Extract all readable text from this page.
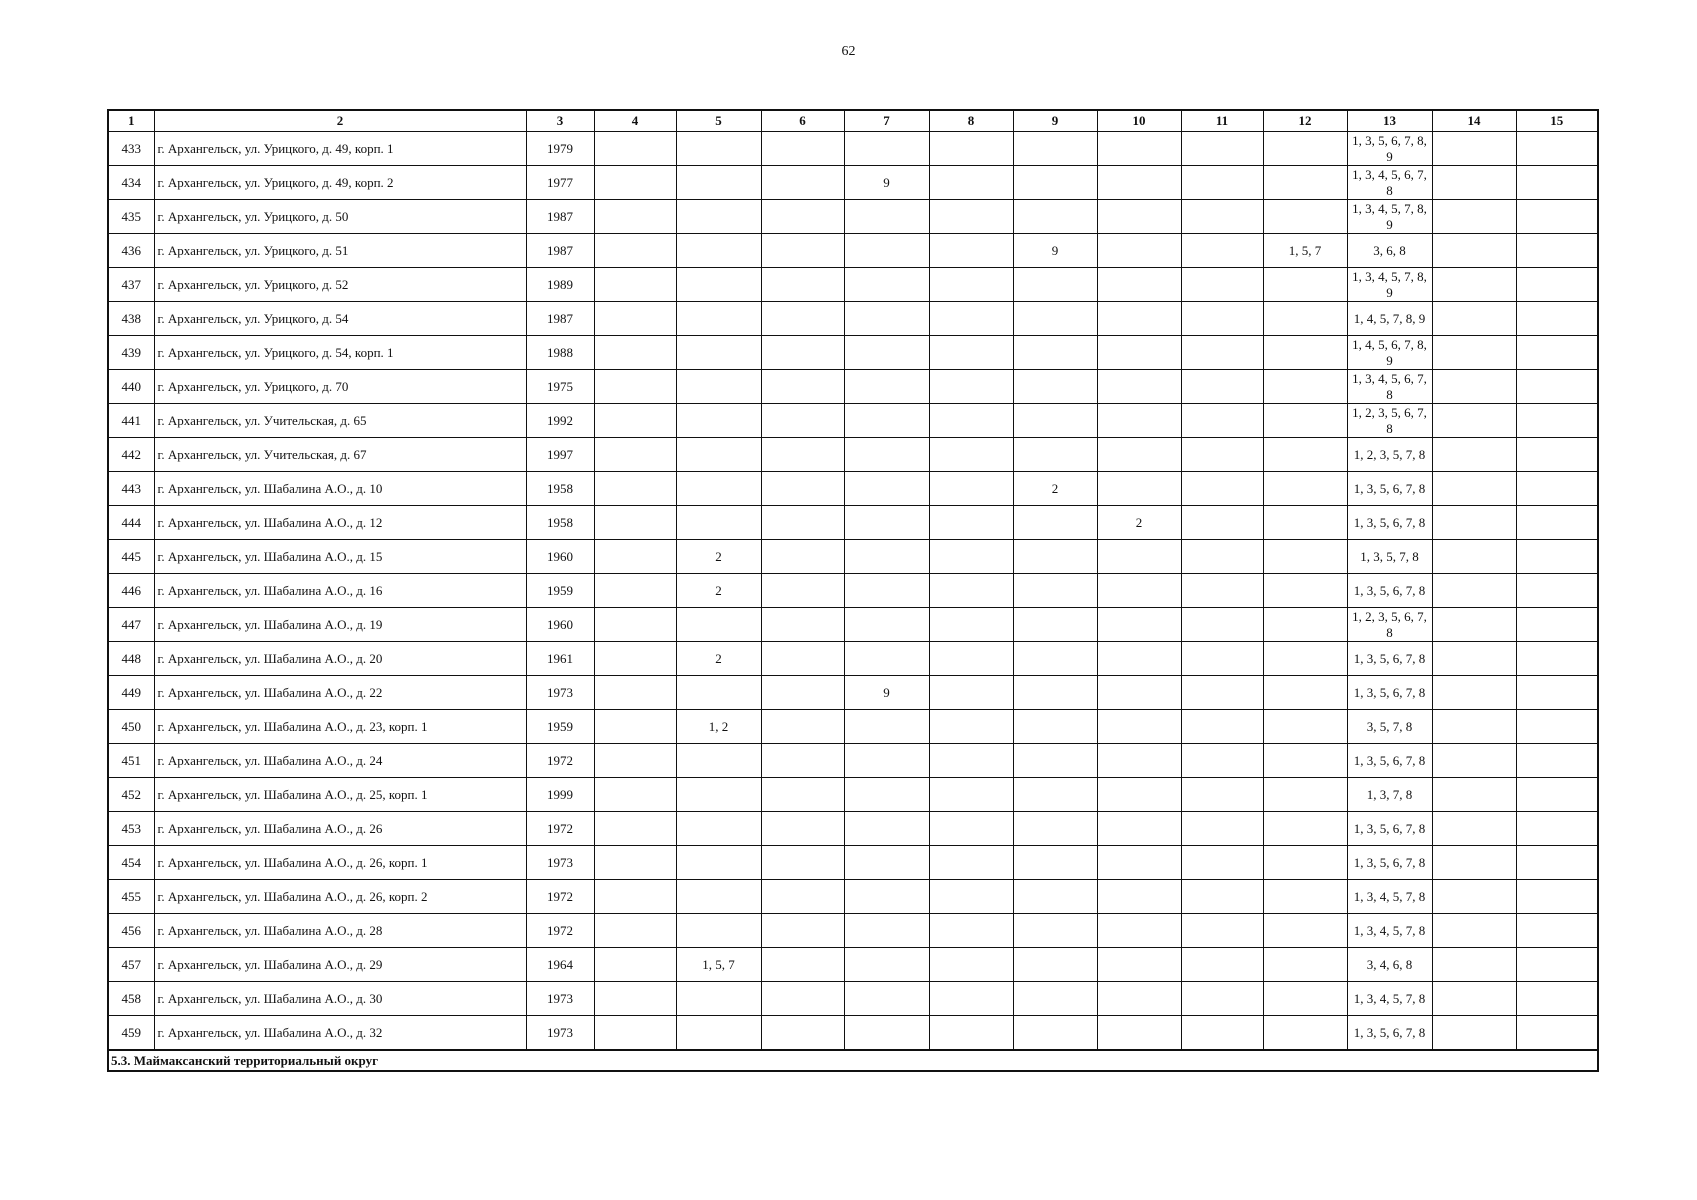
62
1	2	3	4	5	6	7	8	9	10	11	12	13	14	15
433	г. Архангельск, ул. Урицкого, д. 49, корп. 1	1979										1, 3, 5, 6, 7, 8, 9		
434	г. Архангельск, ул. Урицкого, д. 49, корп. 2	1977				9						1, 3, 4, 5, 6, 7, 8		
435	г. Архангельск, ул. Урицкого, д. 50	1987										1, 3, 4, 5, 7, 8, 9		
436	г. Архангельск, ул. Урицкого, д. 51	1987						9			1, 5, 7	3, 6, 8		
437	г. Архангельск, ул. Урицкого, д. 52	1989										1, 3, 4, 5, 7, 8, 9		
438	г. Архангельск, ул. Урицкого, д. 54	1987										1, 4, 5, 7, 8, 9		
439	г. Архангельск, ул. Урицкого, д. 54, корп. 1	1988										1, 4, 5, 6, 7, 8, 9		
440	г. Архангельск, ул. Урицкого, д. 70	1975										1, 3, 4, 5, 6, 7, 8		
441	г. Архангельск, ул. Учительская, д. 65	1992										1, 2, 3, 5, 6, 7, 8		
442	г. Архангельск, ул. Учительская, д. 67	1997										1, 2, 3, 5, 7, 8		
443	г. Архангельск, ул. Шабалина А.О., д. 10	1958						2				1, 3, 5, 6, 7, 8		
444	г. Архангельск, ул. Шабалина А.О., д. 12	1958							2			1, 3, 5, 6, 7, 8		
445	г. Архангельск, ул. Шабалина А.О., д. 15	1960		2								1, 3, 5, 7, 8		
446	г. Архангельск, ул. Шабалина А.О., д. 16	1959		2								1, 3, 5, 6, 7, 8		
447	г. Архангельск, ул. Шабалина А.О., д. 19	1960										1, 2, 3, 5, 6, 7, 8		
448	г. Архангельск, ул. Шабалина А.О., д. 20	1961		2								1, 3, 5, 6, 7, 8		
449	г. Архангельск, ул. Шабалина А.О., д. 22	1973				9						1, 3, 5, 6, 7, 8		
450	г. Архангельск, ул. Шабалина А.О., д. 23, корп. 1	1959		1, 2								3, 5, 7, 8		
451	г. Архангельск, ул. Шабалина А.О., д. 24	1972										1, 3, 5, 6, 7, 8		
452	г. Архангельск, ул. Шабалина А.О., д. 25, корп. 1	1999										1, 3, 7, 8		
453	г. Архангельск, ул. Шабалина А.О., д. 26	1972										1, 3, 5, 6, 7, 8		
454	г. Архангельск, ул. Шабалина А.О., д. 26, корп. 1	1973										1, 3, 5, 6, 7, 8		
455	г. Архангельск, ул. Шабалина А.О., д. 26, корп. 2	1972										1, 3, 4, 5, 7, 8		
456	г. Архангельск, ул. Шабалина А.О., д. 28	1972										1, 3, 4, 5, 7, 8		
457	г. Архангельск, ул. Шабалина А.О., д. 29	1964		1, 5, 7								3, 4, 6, 8		
458	г. Архангельск, ул. Шабалина А.О., д. 30	1973										1, 3, 4, 5, 7, 8		
459	г. Архангельск, ул. Шабалина А.О., д. 32	1973										1, 3, 5, 6, 7, 8		
5.3. Маймаксанский территориальный округ														
